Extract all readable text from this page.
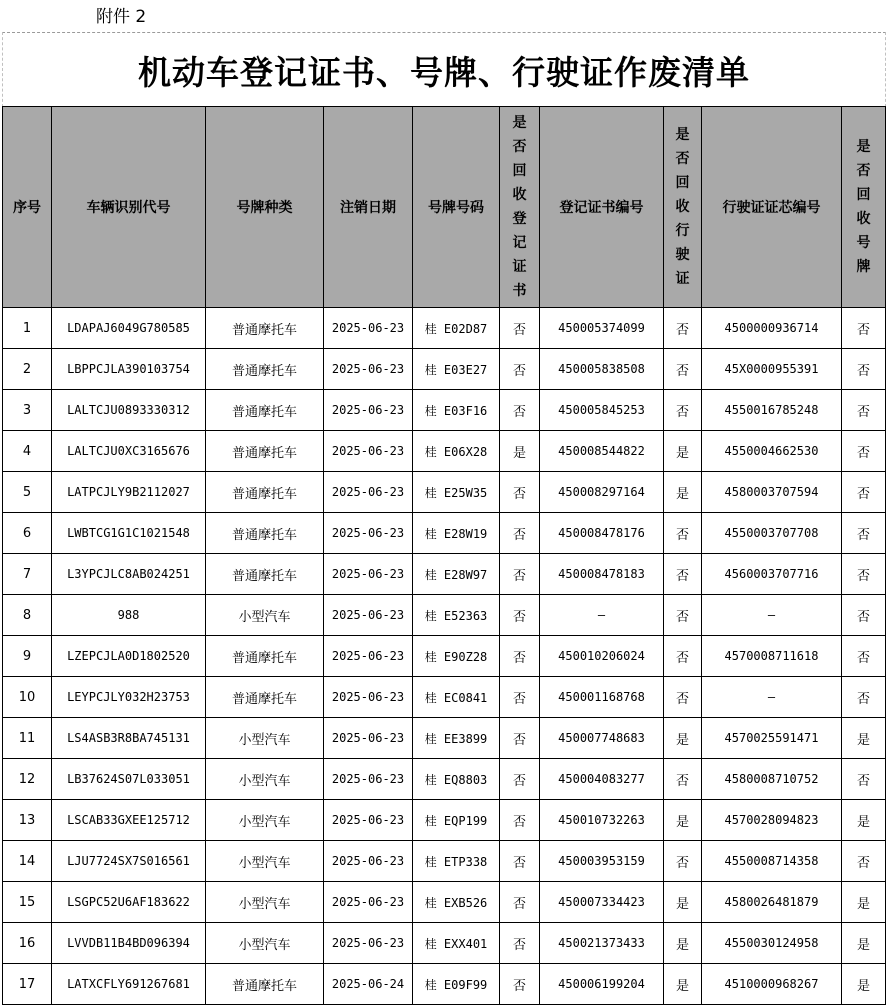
附件 2
机动车登记证书、号牌、行驶证作废清单
序号	车辆识别代号	号牌种类	注销日期	号牌号码	是否回收登记证书	登记证书编号	是否回收行驶证	行驶证证芯编号	是否回收号牌
1	LDAPAJ6049G780585	普通摩托车	2025-06-23	桂 E02D87	否	450005374099	否	4500000936714	否
2	LBPPCJLA390103754	普通摩托车	2025-06-23	桂 E03E27	否	450005838508	否	45X0000955391	否
3	LALTCJU0893330312	普通摩托车	2025-06-23	桂 E03F16	否	450005845253	否	4550016785248	否
4	LALTCJU0XC3165676	普通摩托车	2025-06-23	桂 E06X28	是	450008544822	是	4550004662530	否
5	LATPCJLY9B2112027	普通摩托车	2025-06-23	桂 E25W35	否	450008297164	是	4580003707594	否
6	LWBTCG1G1C1021548	普通摩托车	2025-06-23	桂 E28W19	否	450008478176	否	4550003707708	否
7	L3YPCJLC8AB024251	普通摩托车	2025-06-23	桂 E28W97	否	450008478183	否	4560003707716	否
8	988	小型汽车	2025-06-23	桂 E52363	否	—	否	—	否
9	LZEPCJLA0D1802520	普通摩托车	2025-06-23	桂 E90Z28	否	450010206024	否	4570008711618	否
10	LEYPCJLY032H23753	普通摩托车	2025-06-23	桂 EC0841	否	450001168768	否	—	否
11	LS4ASB3R8BA745131	小型汽车	2025-06-23	桂 EE3899	否	450007748683	是	4570025591471	是
12	LB37624S07L033051	小型汽车	2025-06-23	桂 EQ8803	否	450004083277	否	4580008710752	否
13	LSCAB33GXEE125712	小型汽车	2025-06-23	桂 EQP199	否	450010732263	是	4570028094823	是
14	LJU7724SX7S016561	小型汽车	2025-06-23	桂 ETP338	否	450003953159	否	4550008714358	否
15	LSGPC52U6AF183622	小型汽车	2025-06-23	桂 EXB526	否	450007334423	是	4580026481879	是
16	LVVDB11B4BD096394	小型汽车	2025-06-23	桂 EXX401	否	450021373433	是	4550030124958	是
17	LATXCFLY691267681	普通摩托车	2025-06-24	桂 E09F99	否	450006199204	是	4510000968267	是
